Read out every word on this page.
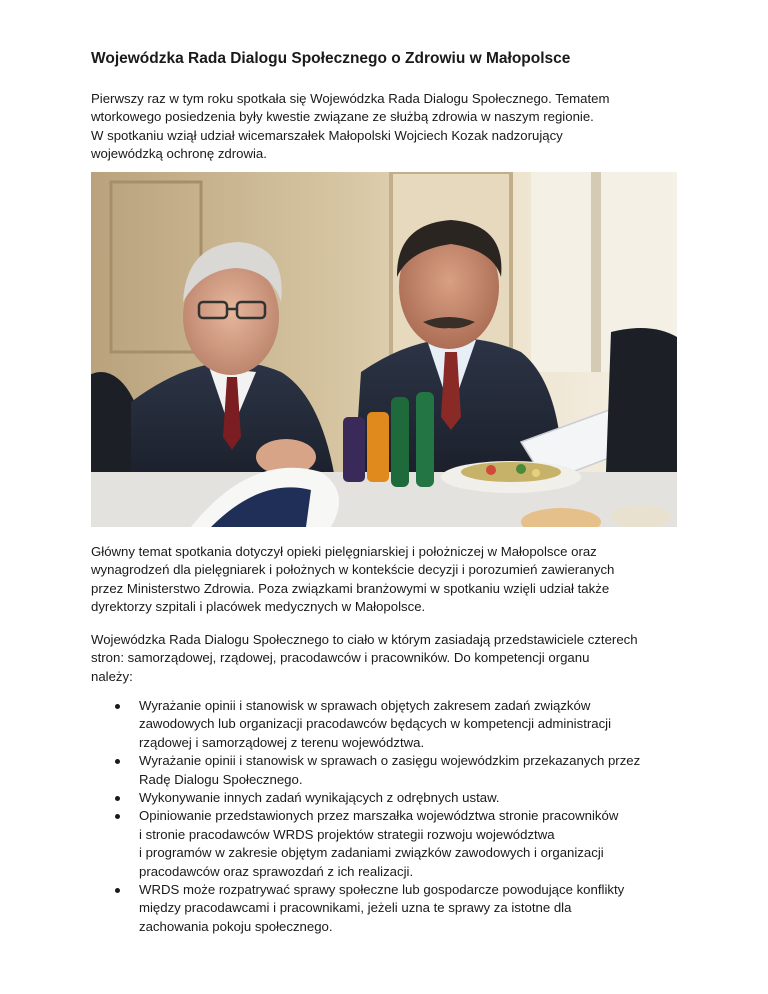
Wojewódzka Rada Dialogu Społecznego o Zdrowiu w Małopolsce
Pierwszy raz w tym roku spotkała się Wojewódzka Rada Dialogu Społecznego. Tematem
wtorkowego posiedzenia były kwestie związane ze służbą zdrowia w naszym regionie.
W spotkaniu wziął udział wicemarszałek Małopolski Wojciech Kozak nadzorujący
wojewódzką ochronę zdrowia.
Główny temat spotkania dotyczył opieki pielęgniarskiej i położniczej w Małopolsce oraz
wynagrodzeń dla pielęgniarek i położnych w kontekście decyzji i porozumień zawieranych
przez Ministerstwo Zdrowia. Poza związkami branżowymi w spotkaniu wzięli udział także
dyrektorzy szpitali i placówek medycznych w Małopolsce.
Wojewódzka Rada Dialogu Społecznego to ciało w którym zasiadają przedstawiciele czterech
stron: samorządowej, rządowej, pracodawców i pracowników. Do kompetencji organu
należy:
Wyrażanie opinii i stanowisk w sprawach objętych zakresem zadań związków
zawodowych lub organizacji pracodawców będących w kompetencji administracji
rządowej i samorządowej z terenu województwa.
Wyrażanie opinii i stanowisk w sprawach o zasięgu wojewódzkim przekazanych przez
Radę Dialogu Społecznego.
Wykonywanie innych zadań wynikających z odrębnych ustaw.
Opiniowanie przedstawionych przez marszałka województwa stronie pracowników
i stronie pracodawców WRDS projektów strategii rozwoju województwa
i programów w zakresie objętym zadaniami związków zawodowych i organizacji
pracodawców oraz sprawozdań z ich realizacji.
WRDS może rozpatrywać sprawy społeczne lub gospodarcze powodujące konflikty
między pracodawcami i pracownikami, jeżeli uzna te sprawy za istotne dla
zachowania pokoju społecznego.
